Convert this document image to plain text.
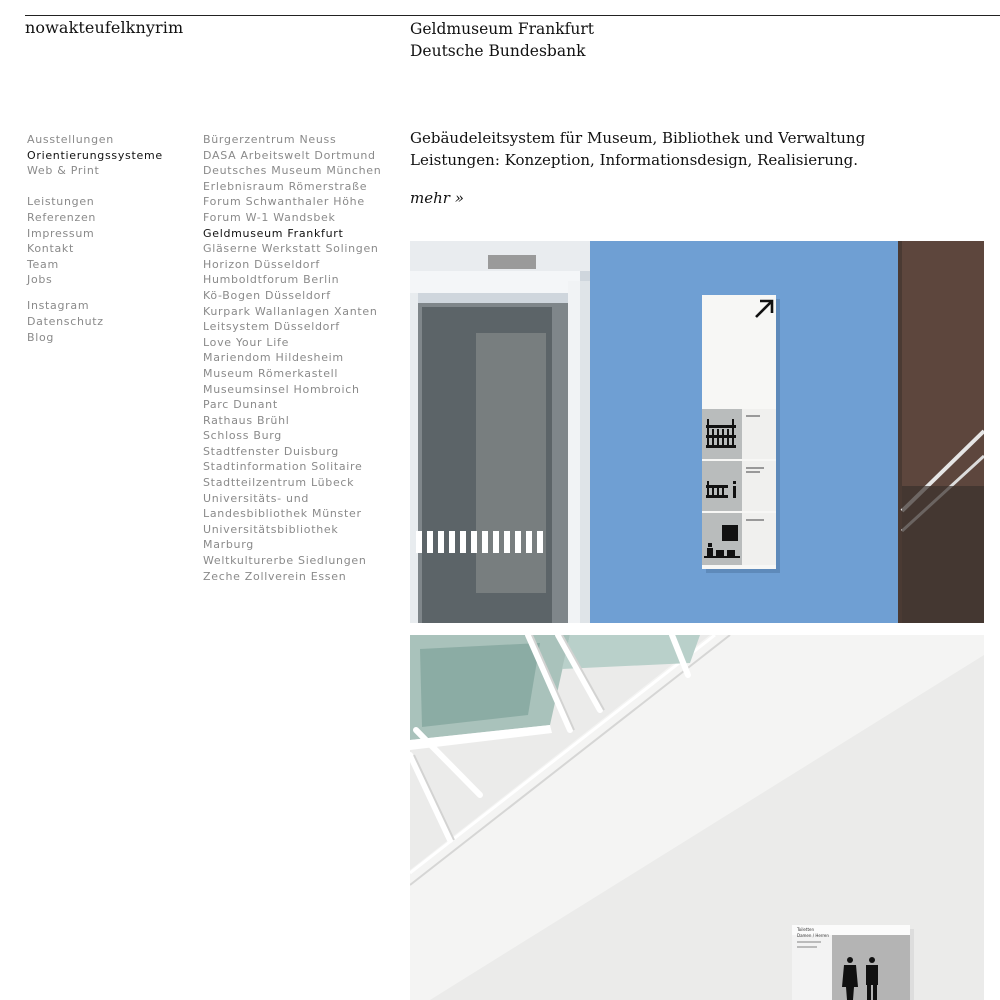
nowakteufelknyrim	Geldmuseum Frankfurt
Deutsche Bundesbank
Ausstellungen
Orientierungssysteme
Web & Print
Leistungen
Referenzen
Impressum
Kontakt
Team
Jobs
Instagram
Datenschutz
Blog
Bürgerzentrum Neuss
DASA Arbeitswelt Dortmund
Deutsches Museum München
Erlebnisraum Römerstraße
Forum Schwanthaler Höhe
Forum W-1 Wandsbek
Geldmuseum Frankfurt
Gläserne Werkstatt Solingen
Horizon Düsseldorf
Humboldtforum Berlin
Kö-Bogen Düsseldorf
Kurpark Wallanlagen Xanten
Leitsystem Düsseldorf
Love Your Life
Mariendom Hildesheim
Museum Römerkastell
Museumsinsel Hombroich
Parc Dunant
Rathaus Brühl
Schloss Burg
Stadtfenster Duisburg
Stadtinformation Solitaire
Stadtteilzentrum Lübeck
Universitäts- und
Landesbibliothek Münster
Universitätsbibliothek
Marburg
Weltkulturerbe Siedlungen
Zeche Zollverein Essen
Gebäudeleitsystem für Museum, Bibliothek und Verwaltung
Leistungen: Konzeption, Informationsdesign, Realisierung.
mehr »
Toiletten
Damen / Herren
